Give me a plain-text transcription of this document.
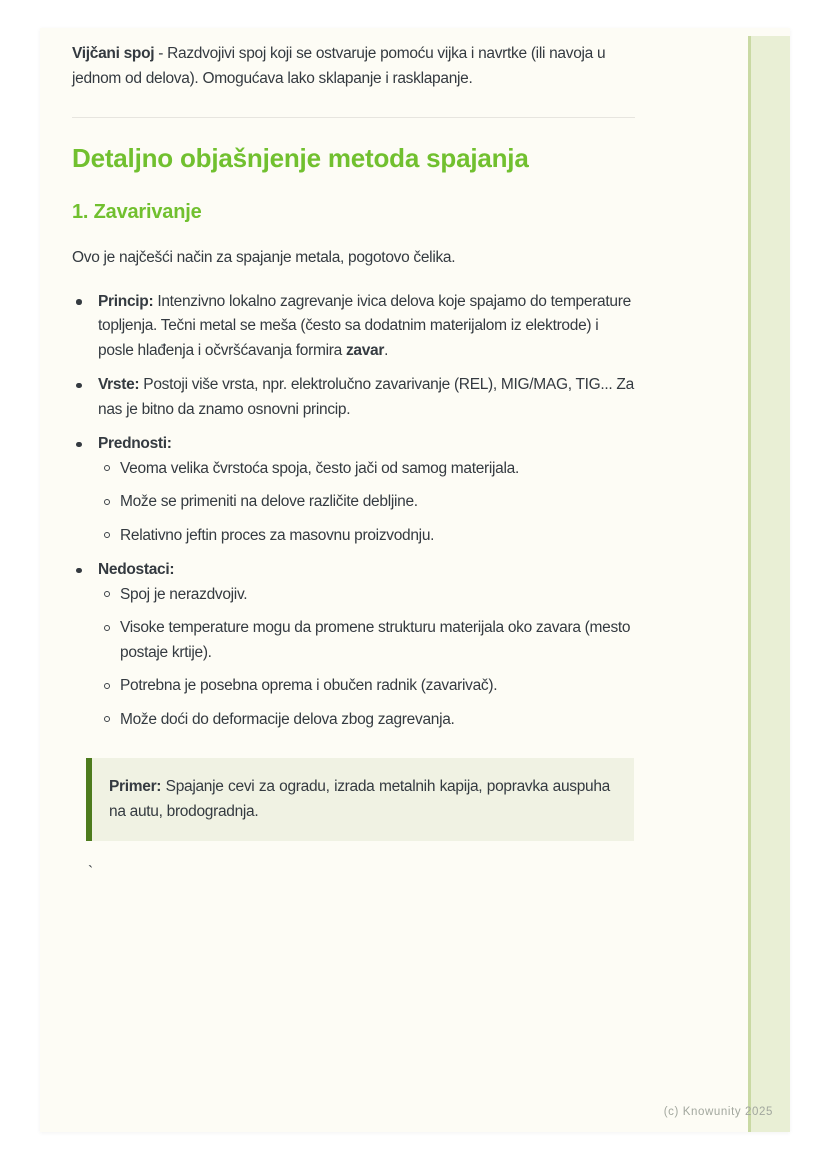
Vijčani spoj - Razdvojivi spoj koji se ostvaruje pomoću vijka i navrtke (ili navoja u jednom od delova). Omogućava lako sklapanje i rasklapanje.

Detaljno objašnjenje metoda spajanja
1. Zavarivanje

Ovo je najčešći način za spajanje metala, pogotovo čelika.

Princip: Intenzivno lokalno zagrevanje ivica delova koje spajamo do temperature topljenja. Tečni metal se meša (često sa dodatnim materijalom iz elektrode) i posle hlađenja i očvršćavanja formira zavar.
Vrste: Postoji više vrsta, npr. elektrolučno zavarivanje (REL), MIG/MAG, TIG... Za nas je bitno da znamo osnovni princip.
Prednosti:
Veoma velika čvrstoća spoja, često jači od samog materijala.
Može se primeniti na delove različite debljine.
Relativno jeftin proces za masovnu proizvodnju.
Nedostaci:
Spoj je nerazdvojiv.
Visoke temperature mogu da promene strukturu materijala oko zavara (mesto postaje krtije).
Potrebna je posebna oprema i obučen radnik (zavarivač).
Može doći do deformacije delova zbog zagrevanja.

Primer: Spajanje cevi za ogradu, izrada metalnih kapija, popravka auspuha na autu, brodogradnja.

`

(c) Knowunity 2025
